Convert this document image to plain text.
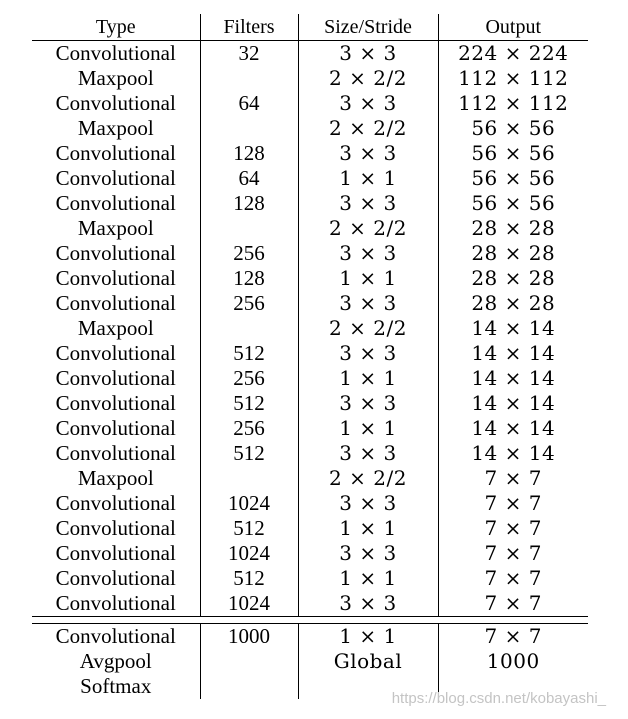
Type	Filters	Size/Stride	Output
Convolutional	32	3 × 3	224 × 224
Maxpool		2 × 2/2	112 × 112
Convolutional	64	3 × 3	112 × 112
Maxpool		2 × 2/2	56 × 56
Convolutional	128	3 × 3	56 × 56
Convolutional	64	1 × 1	56 × 56
Convolutional	128	3 × 3	56 × 56
Maxpool		2 × 2/2	28 × 28
Convolutional	256	3 × 3	28 × 28
Convolutional	128	1 × 1	28 × 28
Convolutional	256	3 × 3	28 × 28
Maxpool		2 × 2/2	14 × 14
Convolutional	512	3 × 3	14 × 14
Convolutional	256	1 × 1	14 × 14
Convolutional	512	3 × 3	14 × 14
Convolutional	256	1 × 1	14 × 14
Convolutional	512	3 × 3	14 × 14
Maxpool		2 × 2/2	7 × 7
Convolutional	1024	3 × 3	7 × 7
Convolutional	512	1 × 1	7 × 7
Convolutional	1024	3 × 3	7 × 7
Convolutional	512	1 × 1	7 × 7
Convolutional	1024	3 × 3	7 × 7

Convolutional	1000	1 × 1	7 × 7
Avgpool		Global	1000
Softmax			
https://blog.csdn.net/kobayashi_
